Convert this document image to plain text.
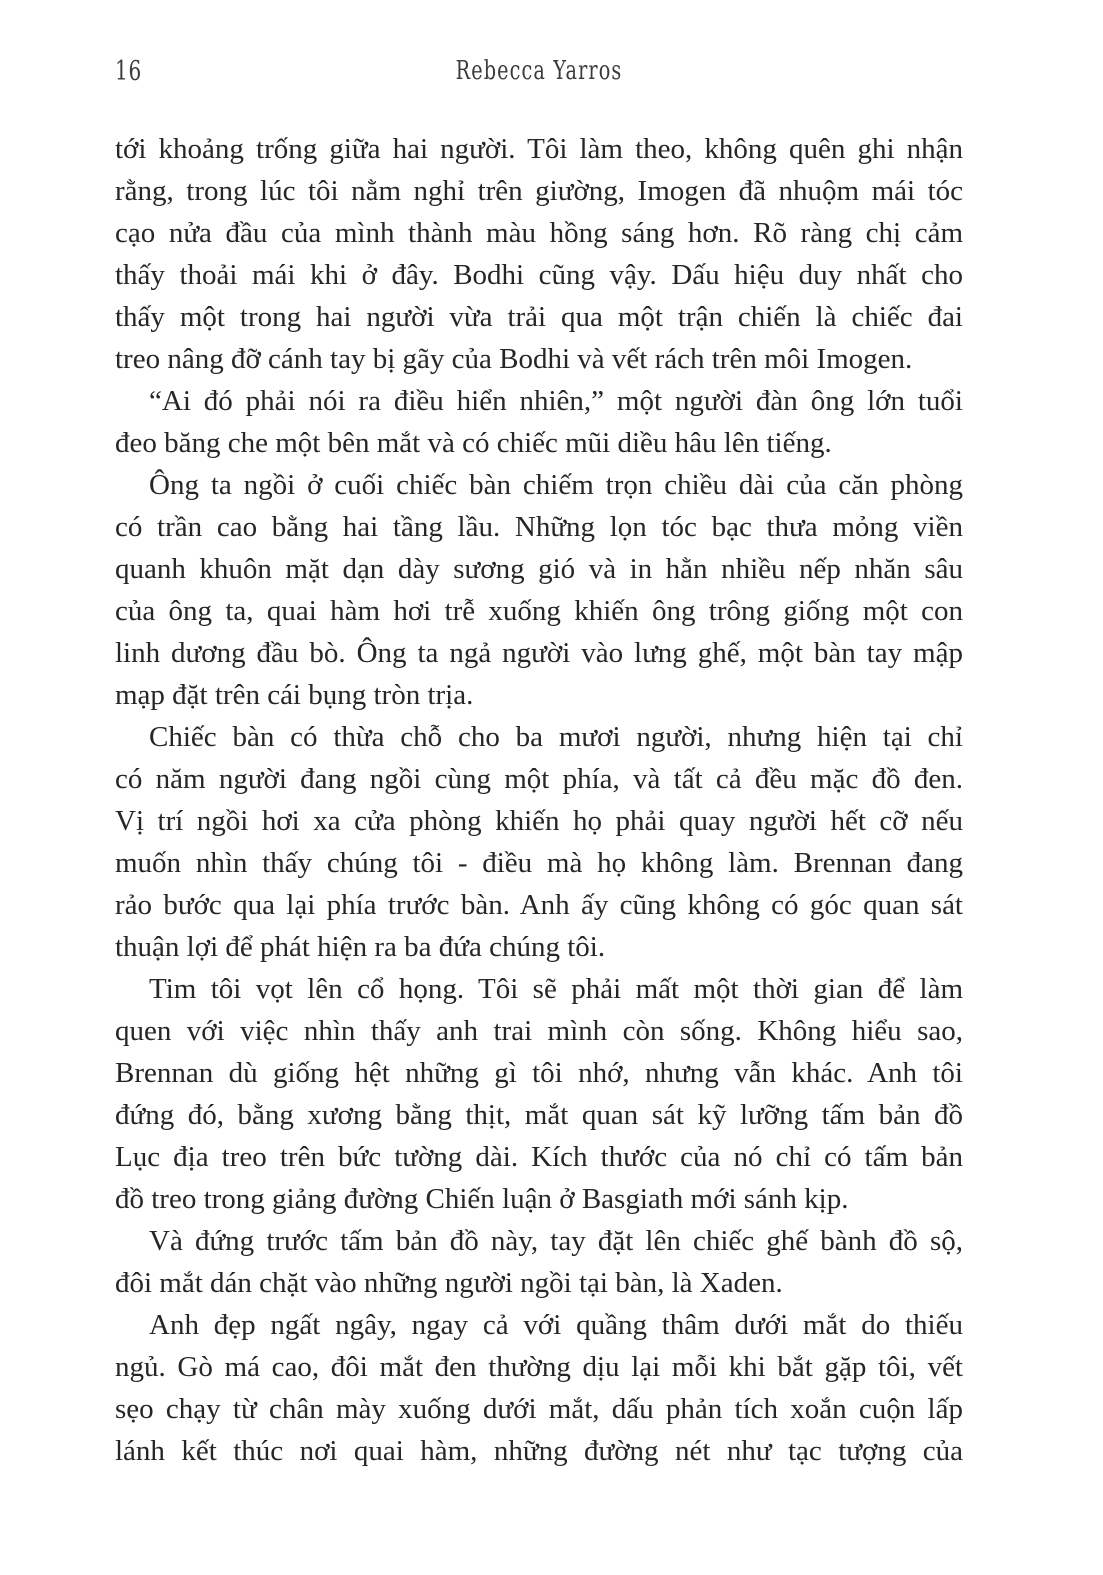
16	Rebecca Yarros
tới khoảng trống giữa hai người. Tôi làm theo, không quên ghi nhận
rằng, trong lúc tôi nằm nghỉ trên giường, Imogen đã nhuộm mái tóc
cạo nửa đầu của mình thành màu hồng sáng hơn. Rõ ràng chị cảm
thấy thoải mái khi ở đây. Bodhi cũng vậy. Dấu hiệu duy nhất cho
thấy một trong hai người vừa trải qua một trận chiến là chiếc đai
treo nâng đỡ cánh tay bị gãy của Bodhi và vết rách trên môi Imogen.
“Ai đó phải nói ra điều hiển nhiên,” một người đàn ông lớn tuổi
đeo băng che một bên mắt và có chiếc mũi diều hâu lên tiếng.
Ông ta ngồi ở cuối chiếc bàn chiếm trọn chiều dài của căn phòng
có trần cao bằng hai tầng lầu. Những lọn tóc bạc thưa mỏng viền
quanh khuôn mặt dạn dày sương gió và in hằn nhiều nếp nhăn sâu
của ông ta, quai hàm hơi trễ xuống khiến ông trông giống một con
linh dương đầu bò. Ông ta ngả người vào lưng ghế, một bàn tay mập
mạp đặt trên cái bụng tròn trịa.
Chiếc bàn có thừa chỗ cho ba mươi người, nhưng hiện tại chỉ
có năm người đang ngồi cùng một phía, và tất cả đều mặc đồ đen.
Vị trí ngồi hơi xa cửa phòng khiến họ phải quay người hết cỡ nếu
muốn nhìn thấy chúng tôi - điều mà họ không làm. Brennan đang
rảo bước qua lại phía trước bàn. Anh ấy cũng không có góc quan sát
thuận lợi để phát hiện ra ba đứa chúng tôi.
Tim tôi vọt lên cổ họng. Tôi sẽ phải mất một thời gian để làm
quen với việc nhìn thấy anh trai mình còn sống. Không hiểu sao,
Brennan dù giống hệt những gì tôi nhớ, nhưng vẫn khác. Anh tôi
đứng đó, bằng xương bằng thịt, mắt quan sát kỹ lưỡng tấm bản đồ
Lục địa treo trên bức tường dài. Kích thước của nó chỉ có tấm bản
đồ treo trong giảng đường Chiến luận ở Basgiath mới sánh kịp.
Và đứng trước tấm bản đồ này, tay đặt lên chiếc ghế bành đồ sộ,
đôi mắt dán chặt vào những người ngồi tại bàn, là Xaden.
Anh đẹp ngất ngây, ngay cả với quầng thâm dưới mắt do thiếu
ngủ. Gò má cao, đôi mắt đen thường dịu lại mỗi khi bắt gặp tôi, vết
sẹo chạy từ chân mày xuống dưới mắt, dấu phản tích xoắn cuộn lấp
lánh kết thúc nơi quai hàm, những đường nét như tạc tượng của
